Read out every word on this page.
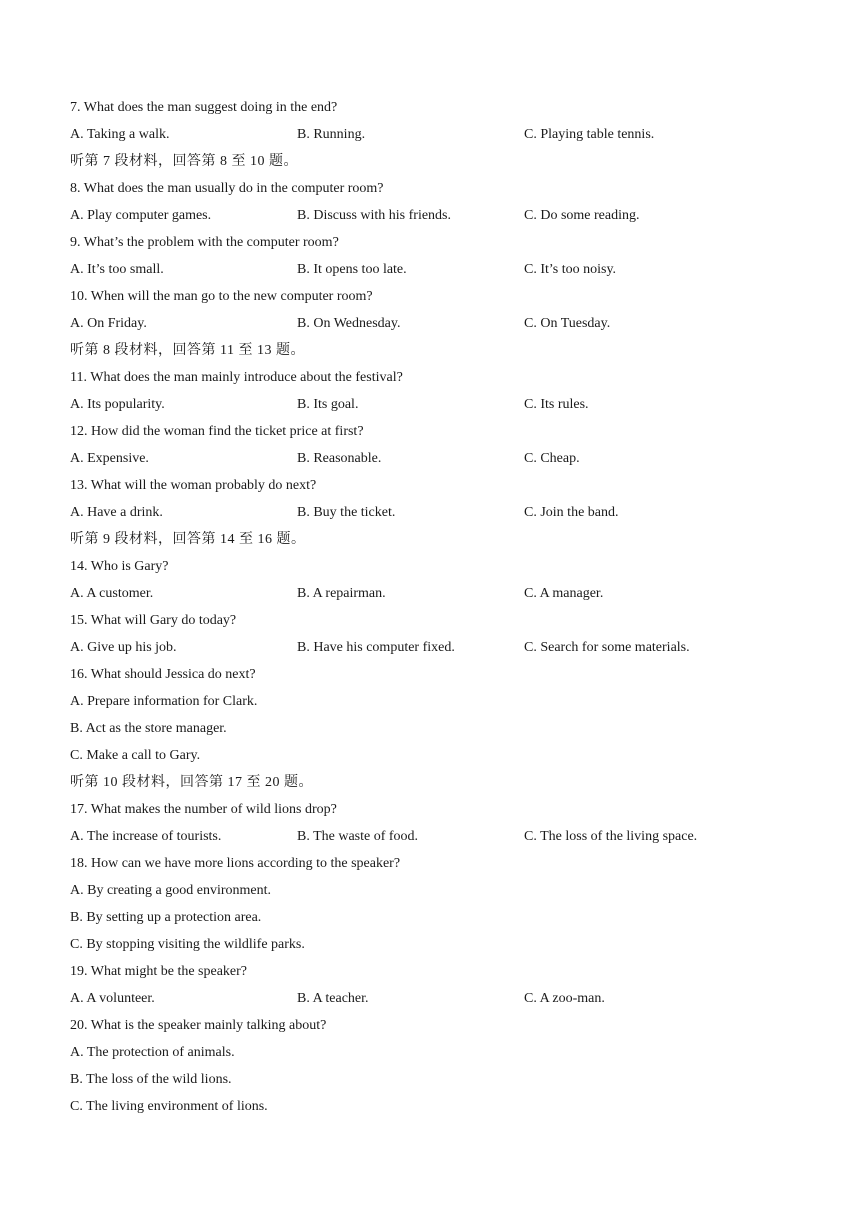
7. What does the man suggest doing in the end?
A. Taking a walk.	B. Running.	C. Playing table tennis.
听第 7 段材料，回答第 8 至 10 题。
8. What does the man usually do in the computer room?
A. Play computer games.	B. Discuss with his friends.	C. Do some reading.
9. What’s the problem with the computer room?
A. It’s too small.	B. It opens too late.	C. It’s too noisy.
10. When will the man go to the new computer room?
A. On Friday.	B. On Wednesday.	C. On Tuesday.
听第 8 段材料，回答第 11 至 13 题。
11. What does the man mainly introduce about the festival?
A. Its popularity.	B. Its goal.	C. Its rules.
12. How did the woman find the ticket price at first?
A. Expensive.	B. Reasonable.	C. Cheap.
13. What will the woman probably do next?
A. Have a drink.	B. Buy the ticket.	C. Join the band.
听第 9 段材料，回答第 14 至 16 题。
14. Who is Gary?
A. A customer.	B. A repairman.	C. A manager.
15. What will Gary do today?
A. Give up his job.	B. Have his computer fixed.	C. Search for some materials.
16. What should Jessica do next?
A. Prepare information for Clark.
B. Act as the store manager.
C. Make a call to Gary.
听第 10 段材料，回答第 17 至 20 题。
17. What makes the number of wild lions drop?
A. The increase of tourists.	B. The waste of food.	C. The loss of the living space.
18. How can we have more lions according to the speaker?
A. By creating a good environment.
B. By setting up a protection area.
C. By stopping visiting the wildlife parks.
19. What might be the speaker?
A. A volunteer.	B. A teacher.	C. A zoo-man.
20. What is the speaker mainly talking about?
A. The protection of animals.
B. The loss of the wild lions.
C. The living environment of lions.
